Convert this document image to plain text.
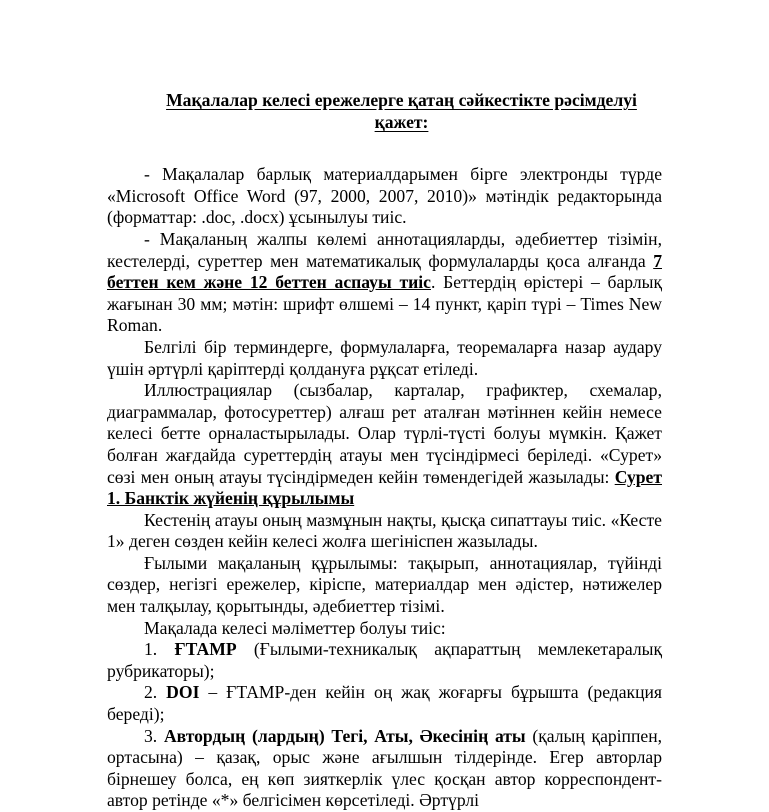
Мақалалар келесі ережелерге қатаң сәйкестікте рәсімделуі
қажет:

- Мақалалар барлық материалдарымен бірге электронды түрде «Microsoft Office Word (97, 2000, 2007, 2010)» мәтіндік редакторында (форматтар: .doc, .docx) ұсынылуы тиіс.

- Мақаланың жалпы көлемі аннотацияларды, әдебиеттер тізімін, кестелерді, суреттер мен математикалық формулаларды қоса алғанда 7 беттен кем және 12 беттен аспауы тиіс. Беттердің өрістері – барлық жағынан 30 мм; мәтін: шрифт өлшемі – 14 пункт, қаріп түрі – Times New Roman.

Белгілі бір терминдерге, формулаларға, теоремаларға назар аудару үшін әртүрлі қаріптерді қолдануға рұқсат етіледі.

Иллюстрациялар (сызбалар, карталар, графиктер, схемалар, диаграммалар, фотосуреттер) алғаш рет аталған мәтіннен кейін немесе келесі бетте орналастырылады. Олар түрлі-түсті болуы мүмкін. Қажет болған жағдайда суреттердің атауы мен түсіндірмесі беріледі. «Сурет» сөзі мен оның атауы түсіндірмеден кейін төмендегідей жазылады: Сурет 1. Банктік жүйенің құрылымы

Кестенің атауы оның мазмұнын нақты, қысқа сипаттауы тиіс. «Кесте 1» деген сөзден кейін келесі жолға шегініспен жазылады.

Ғылыми мақаланың құрылымы: тақырып, аннотациялар, түйінді сөздер, негізгі ережелер, кіріспе, материалдар мен әдістер, нәтижелер мен талқылау, қорытынды, әдебиеттер тізімі.

Мақалада келесі мәліметтер болуы тиіс:

1. ҒТАМР (Ғылыми-техникалық ақпараттың мемлекетаралық рубрикаторы);

2. DOI – ҒТАМР-ден кейін оң жақ жоғарғы бұрышта (редакция береді);

3. Автордың (лардың) Тегі, Аты, Әкесінің аты (қалың қаріппен, ортасына) – қазақ, орыс және ағылшын тілдерінде. Егер авторлар бірнешеу болса, ең көп зияткерлік үлес қосқан автор корреспондент-автор ретінде «*» белгісімен көрсетіледі. Әртүрлі
